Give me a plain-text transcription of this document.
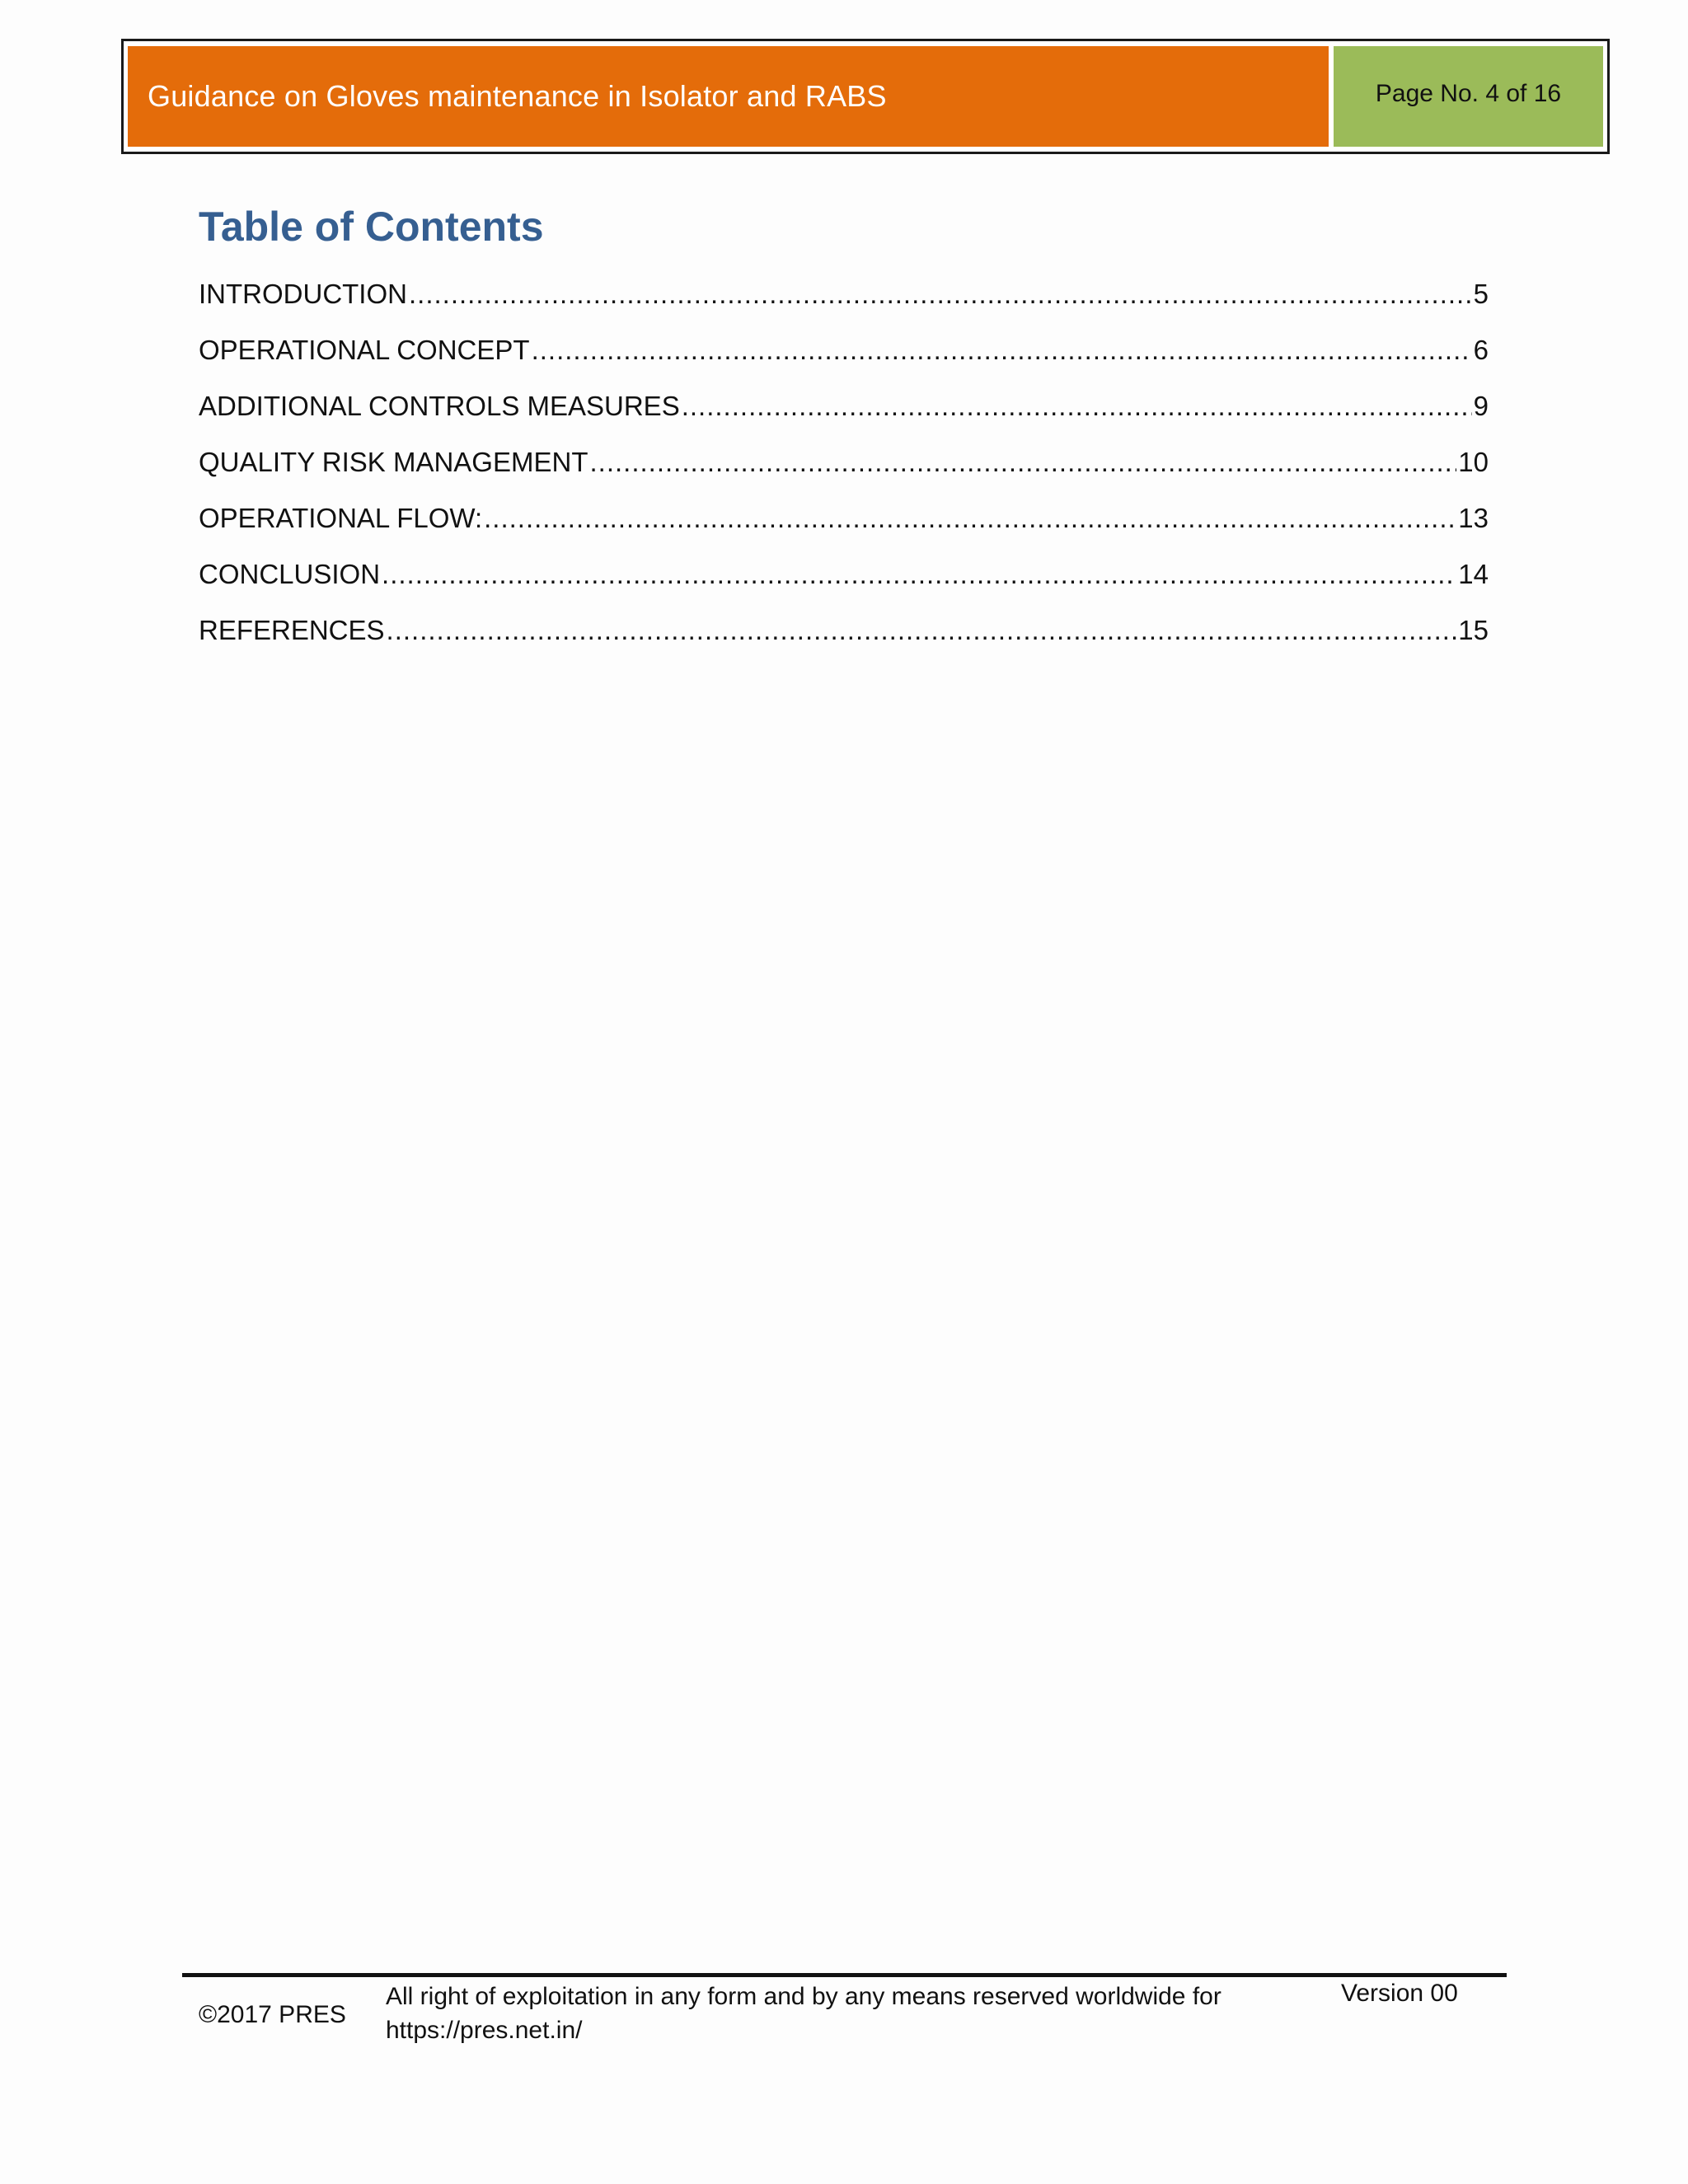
Guidance on Gloves maintenance in Isolator and RABS	Page No. 4 of 16
Table of Contents
INTRODUCTION .....	5
OPERATIONAL CONCEPT .....	6
ADDITIONAL CONTROLS MEASURES .....	9
QUALITY RISK MANAGEMENT .....	10
OPERATIONAL FLOW: .....	13
CONCLUSION .....	14
REFERENCES .....	15
©2017 PRES
All right of exploitation in any form and by any means reserved worldwide for
https://pres.net.in/
Version 00
